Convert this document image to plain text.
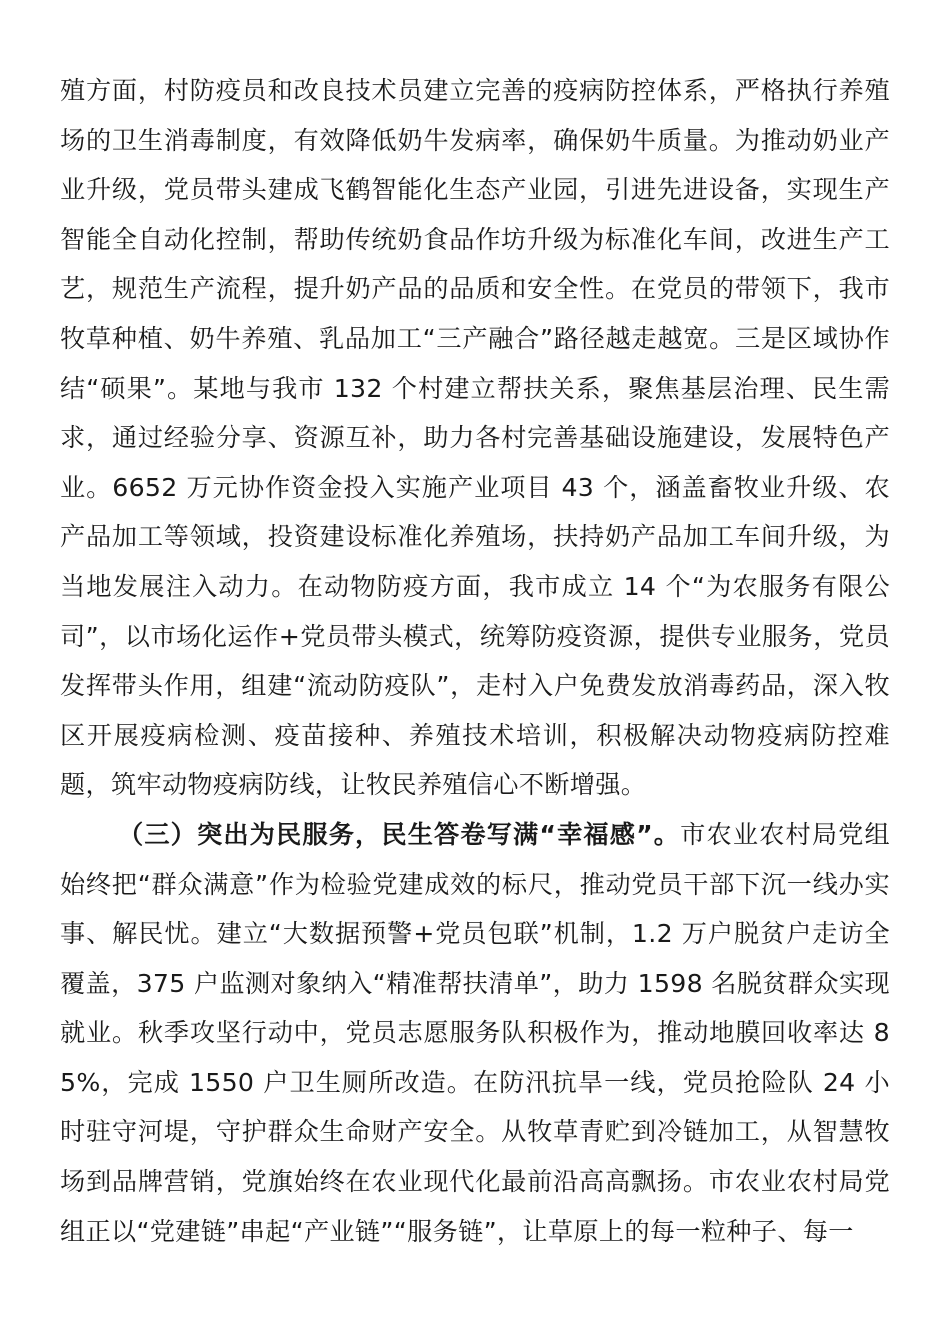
殖方面，村防疫员和改良技术员建立完善的疫病防控体系，严格执行养殖场的卫生消毒制度，有效降低奶牛发病率，确保奶牛质量。为推动奶业产业升级，党员带头建成飞鹤智能化生态产业园，引进先进设备，实现生产智能全自动化控制，帮助传统奶食品作坊升级为标准化车间，改进生产工艺，规范生产流程，提升奶产品的品质和安全性。在党员的带领下，我市牧草种植、奶牛养殖、乳品加工“三产融合”路径越走越宽。三是区域协作结“硕果”。某地与我市 132 个村建立帮扶关系，聚焦基层治理、民生需求，通过经验分享、资源互补，助力各村完善基础设施建设，发展特色产业。6652 万元协作资金投入实施产业项目 43 个，涵盖畜牧业升级、农产品加工等领域，投资建设标准化养殖场，扶持奶产品加工车间升级，为当地发展注入动力。在动物防疫方面，我市成立 14 个“为农服务有限公司”，以市场化运作+党员带头模式，统筹防疫资源，提供专业服务，党员发挥带头作用，组建“流动防疫队”，走村入户免费发放消毒药品，深入牧区开展疫病检测、疫苗接种、养殖技术培训，积极解决动物疫病防控难题，筑牢动物疫病防线，让牧民养殖信心不断增强。

（三）突出为民服务，民生答卷写满“幸福感”。市农业农村局党组始终把“群众满意”作为检验党建成效的标尺，推动党员干部下沉一线办实事、解民忧。建立“大数据预警+党员包联”机制，1.2 万户脱贫户走访全覆盖，375 户监测对象纳入“精准帮扶清单”，助力 1598 名脱贫群众实现就业。秋季攻坚行动中，党员志愿服务队积极作为，推动地膜回收率达 85%，完成 1550 户卫生厕所改造。在防汛抗旱一线，党员抢险队 24 小时驻守河堤，守护群众生命财产安全。从牧草青贮到冷链加工，从智慧牧场到品牌营销，党旗始终在农业现代化最前沿高高飘扬。市农业农村局党组正以“党建链”串起“产业链”“服务链”，让草原上的每一粒种子、每一
